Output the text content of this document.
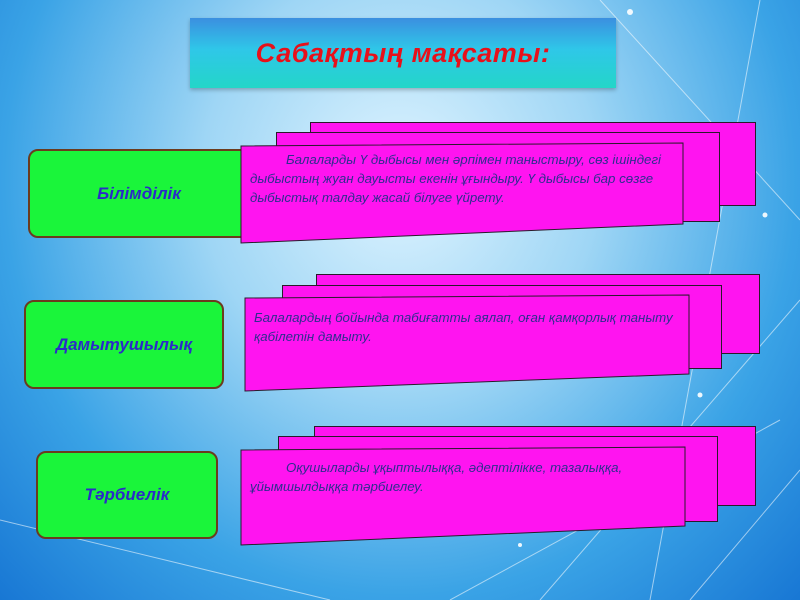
Сабақтың мақсаты:
Білімділік
Балаларды Ү дыбысы мен әрпімен таныстыру, сөз ішіндегі дыбыстың жуан дауысты екенін ұғындыру. Ү дыбысы бар сөзге дыбыстық талдау жасай білуге үйрету.
Дамытушылық
Балалардың бойында табиғатты аялап, оған қамқорлық таныту қабілетін дамыту.
Тәрбиелік
Оқушыларды ұқыптылыққа, әдептілікке, тазалыққа, ұйымшылдыққа тәрбиелеу.
